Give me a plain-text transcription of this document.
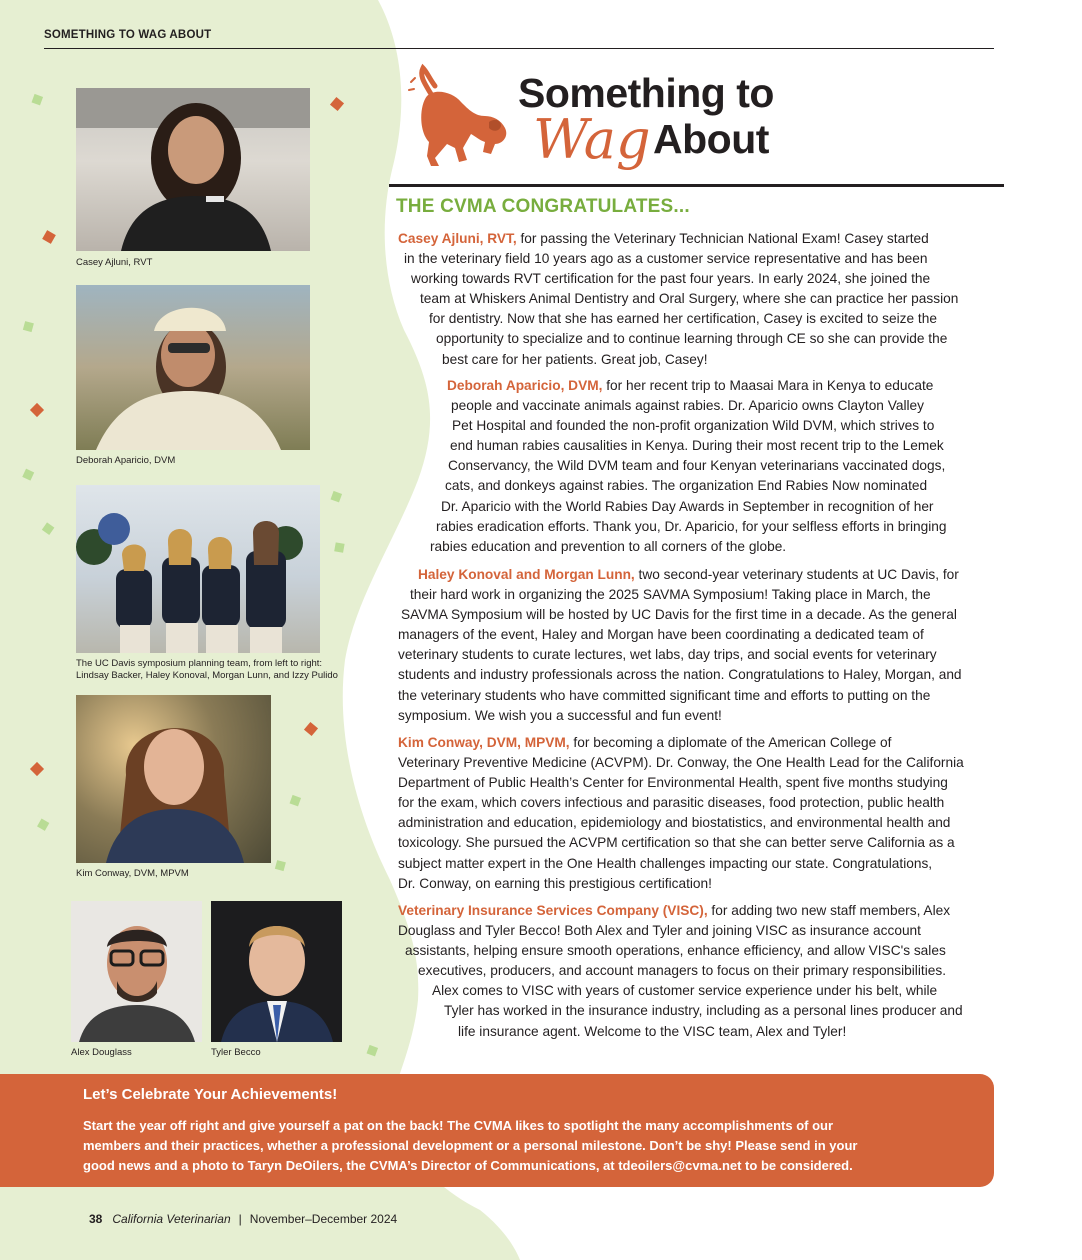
SOMETHING TO WAG ABOUT
Casey Ajluni, RVT
Deborah Aparicio, DVM
The UC Davis symposium planning team, from left to right:
Lindsay Backer, Haley Konoval, Morgan Lunn, and Izzy Pulido
Kim Conway, DVM, MPVM
Alex Douglass	Tyler Becco
Something to
Wag About
THE CVMA CONGRATULATES...
Casey Ajluni, RVT, for passing the Veterinary Technician National Exam! Casey started
in the veterinary field 10 years ago as a customer service representative and has been
working towards RVT certification for the past four years. In early 2024, she joined the
team at Whiskers Animal Dentistry and Oral Surgery, where she can practice her passion
for dentistry. Now that she has earned her certification, Casey is excited to seize the
opportunity to specialize and to continue learning through CE so she can provide the
best care for her patients. Great job, Casey!
Deborah Aparicio, DVM, for her recent trip to Maasai Mara in Kenya to educate
people and vaccinate animals against rabies. Dr. Aparicio owns Clayton Valley
Pet Hospital and founded the non-profit organization Wild DVM, which strives to
end human rabies causalities in Kenya. During their most recent trip to the Lemek
Conservancy, the Wild DVM team and four Kenyan veterinarians vaccinated dogs,
cats, and donkeys against rabies. The organization End Rabies Now nominated
Dr. Aparicio with the World Rabies Day Awards in September in recognition of her
rabies eradication efforts. Thank you, Dr. Aparicio, for your selfless efforts in bringing
rabies education and prevention to all corners of the globe.
Haley Konoval and Morgan Lunn, two second-year veterinary students at UC Davis, for
their hard work in organizing the 2025 SAVMA Symposium! Taking place in March, the
SAVMA Symposium will be hosted by UC Davis for the first time in a decade. As the general
managers of the event, Haley and Morgan have been coordinating a dedicated team of
veterinary students to curate lectures, wet labs, day trips, and social events for veterinary
students and industry professionals across the nation. Congratulations to Haley, Morgan, and
the veterinary students who have committed significant time and efforts to putting on the
symposium. We wish you a successful and fun event!
Kim Conway, DVM, MPVM, for becoming a diplomate of the American College of
Veterinary Preventive Medicine (ACVPM). Dr. Conway, the One Health Lead for the California
Department of Public Health’s Center for Environmental Health, spent five months studying
for the exam, which covers infectious and parasitic diseases, food protection, public health
administration and education, epidemiology and biostatistics, and environmental health and
toxicology. She pursued the ACVPM certification so that she can better serve California as a
subject matter expert in the One Health challenges impacting our state. Congratulations,
Dr. Conway, on earning this prestigious certification!
Veterinary Insurance Services Company (VISC), for adding two new staff members, Alex
Douglass and Tyler Becco! Both Alex and Tyler and joining VISC as insurance account
assistants, helping ensure smooth operations, enhance efficiency, and allow VISC's sales
executives, producers, and account managers to focus on their primary responsibilities.
Alex comes to VISC with years of customer service experience under his belt, while
Tyler has worked in the insurance industry, including as a personal lines producer and
life insurance agent. Welcome to the VISC team, Alex and Tyler!
Let’s Celebrate Your Achievements!
Start the year off right and give yourself a pat on the back! The CVMA likes to spotlight the many accomplishments of our
members and their practices, whether a professional development or a personal milestone. Don’t be shy! Please send in your
good news and a photo to Taryn DeOilers, the CVMA’s Director of Communications, at tdeoilers@cvma.net to be considered.
38 California Veterinarian | November–December 2024
